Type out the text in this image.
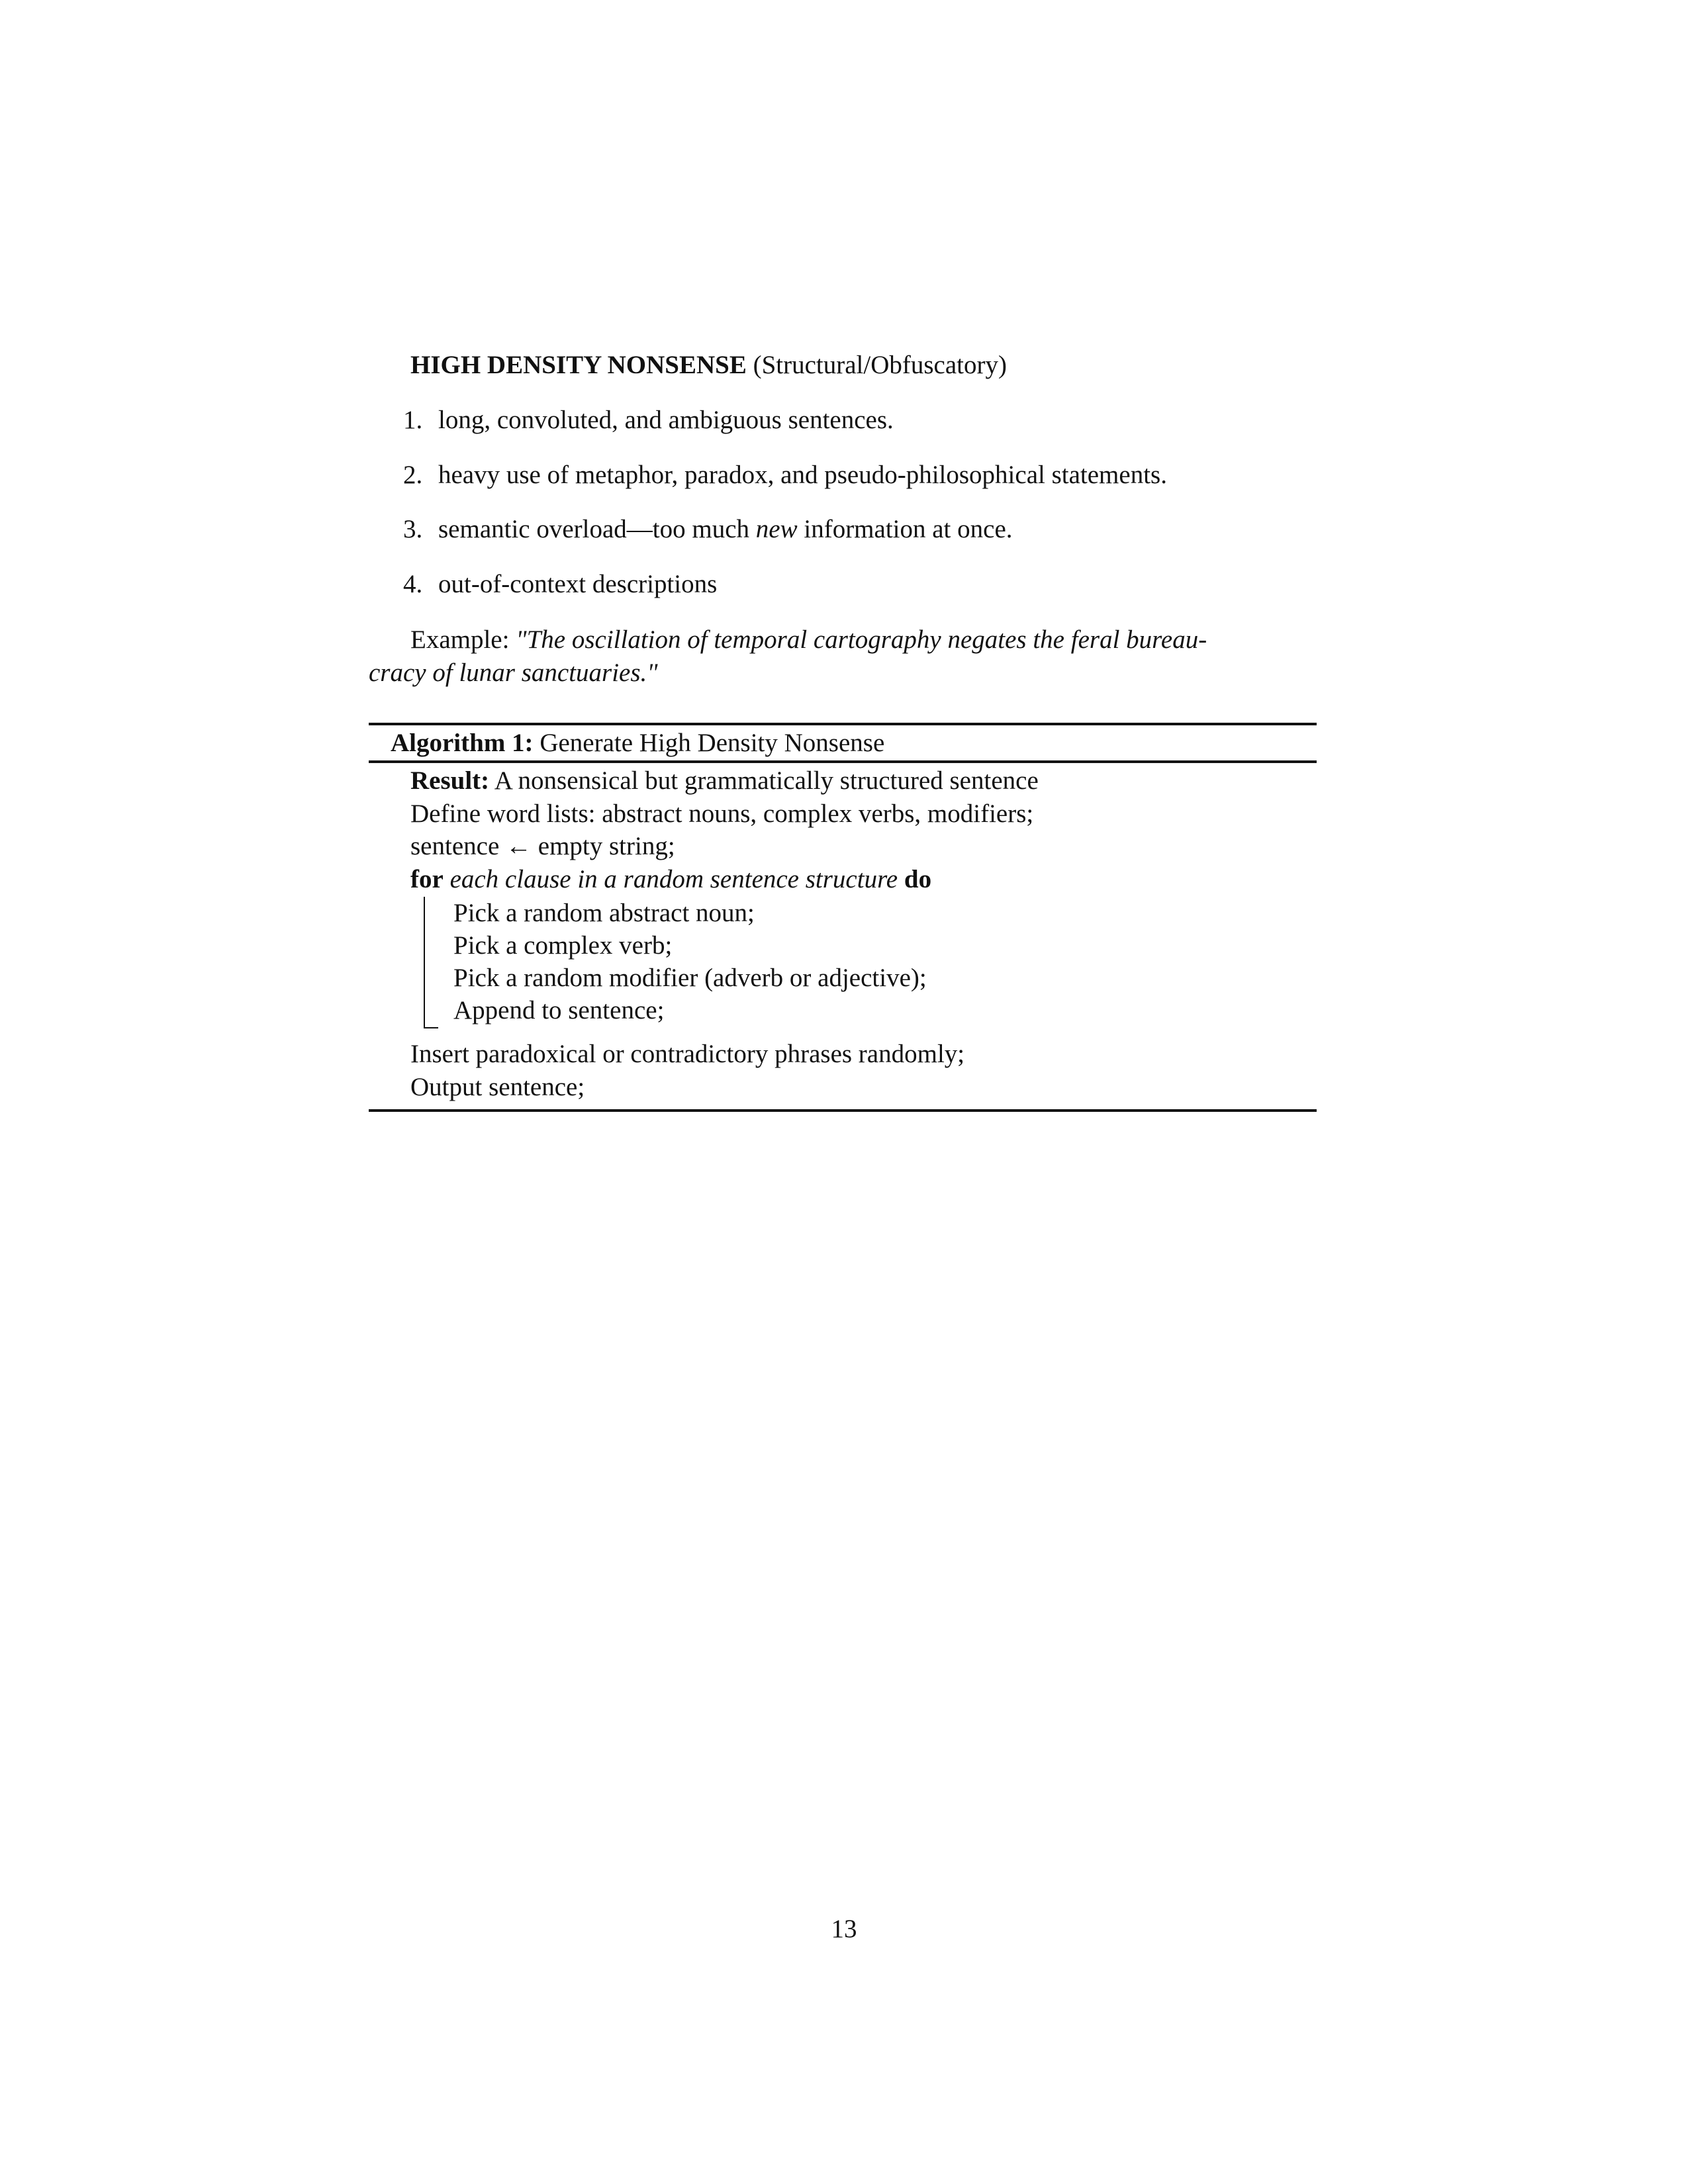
HIGH DENSITY NONSENSE (Structural/Obfuscatory)
1. long, convoluted, and ambiguous sentences.
2. heavy use of metaphor, paradox, and pseudo-philosophical statements.
3. semantic overload—too much new information at once.
4. out-of-context descriptions
Example: "The oscillation of temporal cartography negates the feral bureau-
cracy of lunar sanctuaries."
Algorithm 1: Generate High Density Nonsense
Result: A nonsensical but grammatically structured sentence
Define word lists: abstract nouns, complex verbs, modifiers;
sentence ← empty string;
for each clause in a random sentence structure do
Pick a random abstract noun;
Pick a complex verb;
Pick a random modifier (adverb or adjective);
Append to sentence;
Insert paradoxical or contradictory phrases randomly;
Output sentence;
13
